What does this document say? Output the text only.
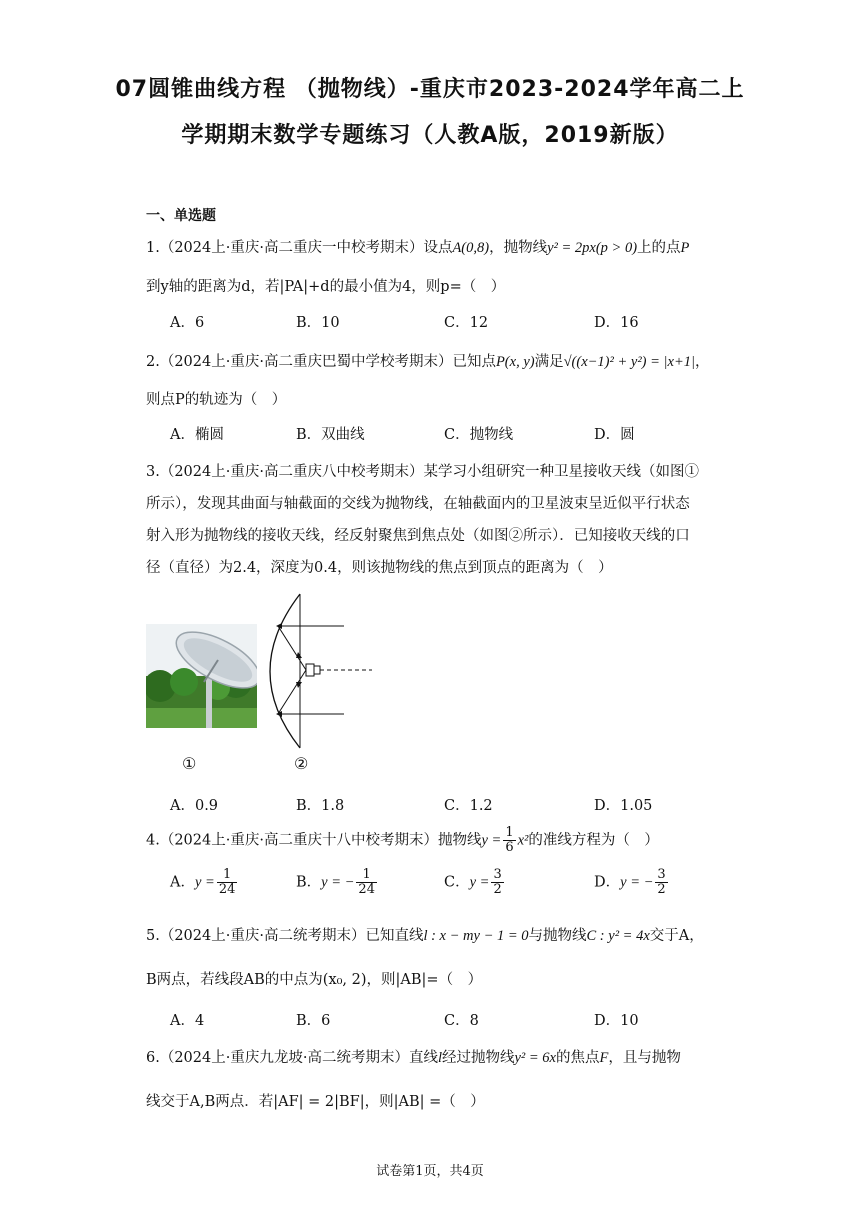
07圆锥曲线方程 （抛物线）-重庆市2023-2024学年高二上
学期期末数学专题练习（人教A版，2019新版）
一、单选题
1.（2024上·重庆·高二重庆一中校考期末）设点A(0,8)，抛物线y² = 2px(p > 0)上的点P
到y轴的距离为d，若|PA|+d的最小值为4，则p=（　）
A．6	B．10	C．12	D．16
2.（2024上·重庆·高二重庆巴蜀中学校考期末）已知点P(x, y)满足√((x−1)² + y²) = |x+1|，
则点P的轨迹为（　）
A．椭圆	B．双曲线	C．抛物线	D．圆
3.（2024上·重庆·高二重庆八中校考期末）某学习小组研究一种卫星接收天线（如图①
所示），发现其曲面与轴截面的交线为抛物线，在轴截面内的卫星波束呈近似平行状态
射入形为抛物线的接收天线，经反射聚焦到焦点处（如图②所示）．已知接收天线的口
径（直径）为2.4，深度为0.4，则该抛物线的焦点到顶点的距离为（　）
①	②
A．0.9	B．1.8	C．1.2	D．1.05
4.（2024上·重庆·高二重庆十八中校考期末）抛物线$y = \frac{1}{6} x^2$的准线方程为（　）
A．$y = \frac{1}{24}$	B．y = − $\frac{1}{24}$	C．$y = \frac{3}{2}$	D．y = − $\frac{3}{2}$
5.（2024上·重庆·高二统考期末）已知直线l : x − my − 1 = 0与抛物线C : y² = 4x交于A，
B两点，若线段AB的中点为(x₀, 2)，则|AB|=（　）
A．4	B．6	C．8	D．10
6.（2024上·重庆九龙坡·高二统考期末）直线l经过抛物线y² = 6x的焦点F，且与抛物
线交于A,B两点．若|AF| = 2|BF|，则|AB| =（　）
试卷第1页，共4页
